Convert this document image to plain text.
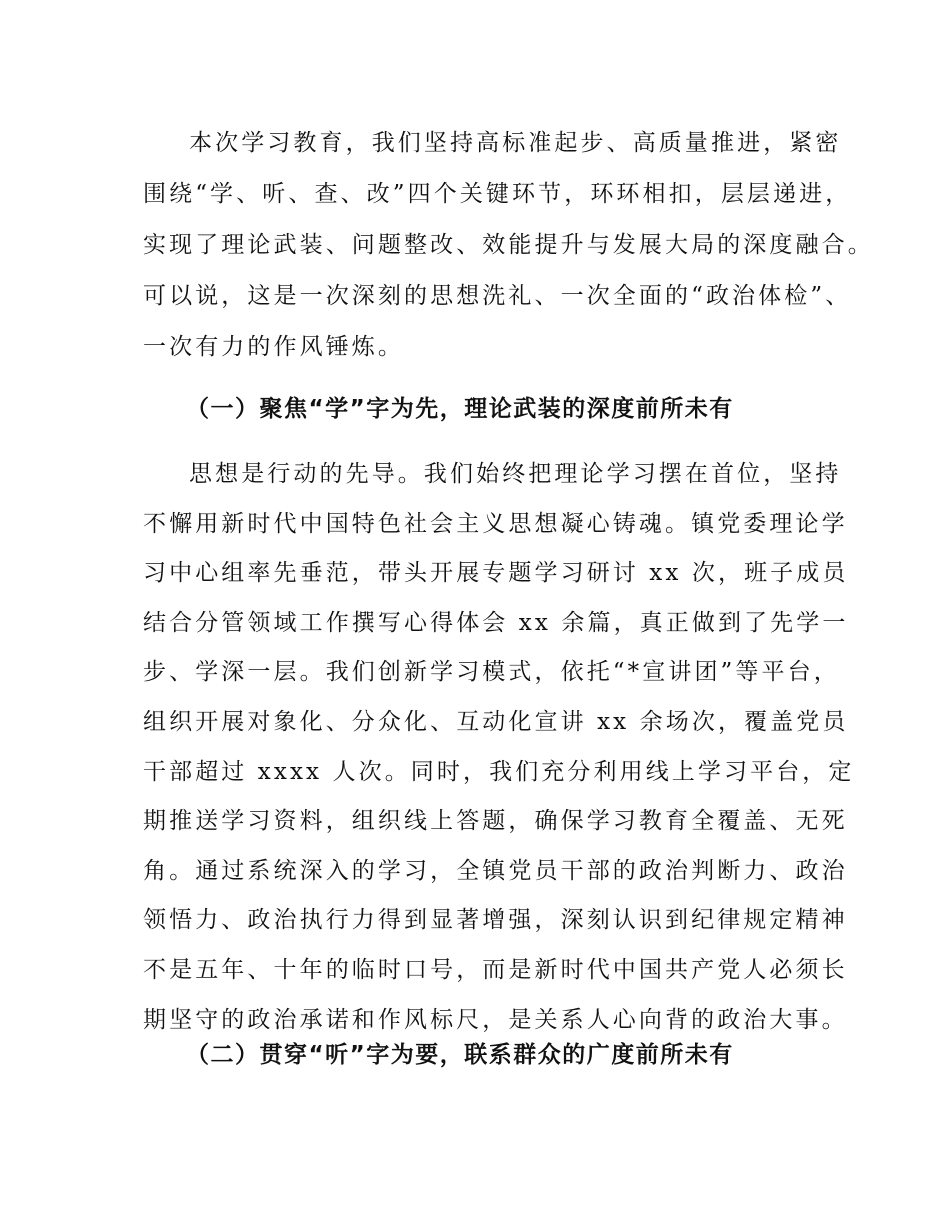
本次学习教育，我们坚持高标准起步、高质量推进，紧密

围绕“学、听、查、改”四个关键环节，环环相扣，层层递进，

实现了理论武装、问题整改、效能提升与发展大局的深度融合。

可以说，这是一次深刻的思想洗礼、一次全面的“政治体检”、

一次有力的作风锤炼。

（一）聚焦“学”字为先，理论武装的深度前所未有

思想是行动的先导。我们始终把理论学习摆在首位，坚持

不懈用新时代中国特色社会主义思想凝心铸魂。镇党委理论学

习中心组率先垂范，带头开展专题学习研讨 xx 次，班子成员

结合分管领域工作撰写心得体会 xx 余篇，真正做到了先学一

步、学深一层。我们创新学习模式，依托“*宣讲团”等平台，

组织开展对象化、分众化、互动化宣讲 xx 余场次，覆盖党员

干部超过 xxxx 人次。同时，我们充分利用线上学习平台，定

期推送学习资料，组织线上答题，确保学习教育全覆盖、无死

角。通过系统深入的学习，全镇党员干部的政治判断力、政治

领悟力、政治执行力得到显著增强，深刻认识到纪律规定精神

不是五年、十年的临时口号，而是新时代中国共产党人必须长

期坚守的政治承诺和作风标尺，是关系人心向背的政治大事。

（二）贯穿“听”字为要，联系群众的广度前所未有
